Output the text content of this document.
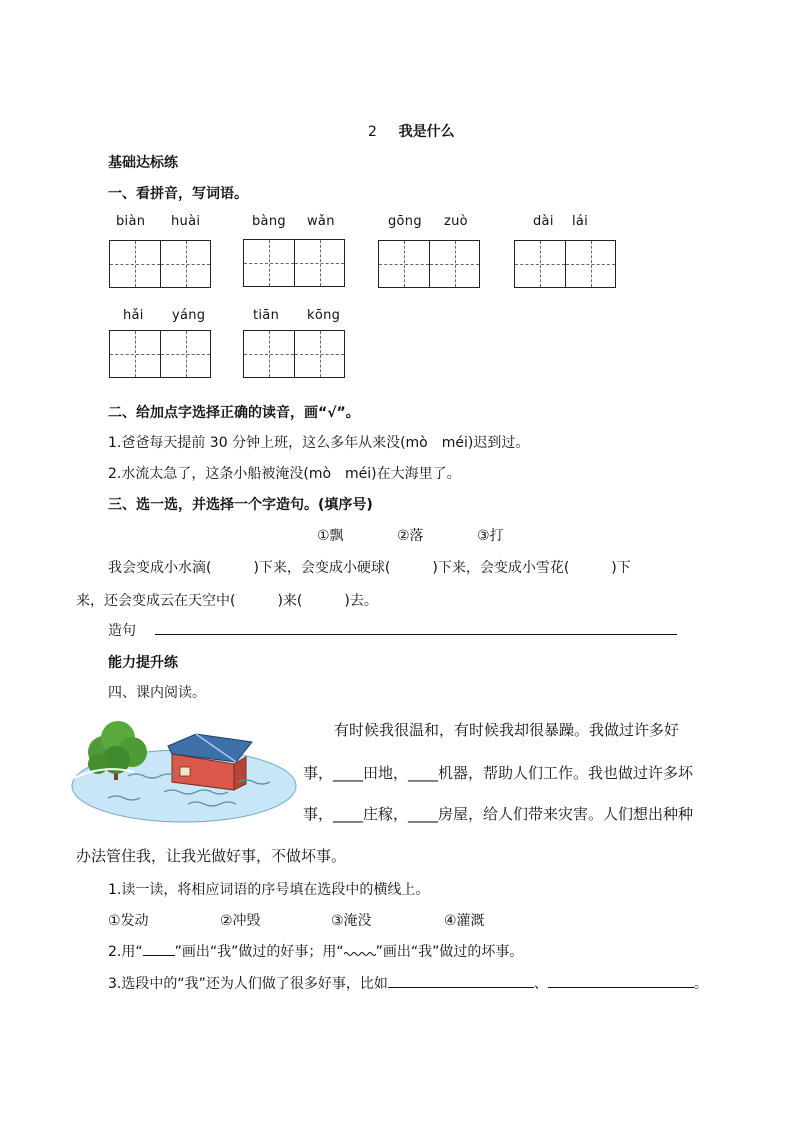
2 我是什么
基础达标练
一、看拼音，写词语。
biàn huài	bàng wǎn	gōng zuò	dài lái
hǎi yáng	tiān kōng
二、给加点字选择正确的读音，画“√”。
1.爸爸每天提前 30 分钟上班，这么多年从来没(mò　méi)迟到过。
2.水流太急了，这条小船被淹没(mò　méi)在大海里了。
三、选一选，并选择一个字造句。(填序号)
①飘	②落	③打
我会变成小水滴(　　　)下来，会变成小硬球(　　　)下来，会变成小雪花(　　　)下
来，还会变成云在天空中(　　　)来(　　　)去。
造句
能力提升练
四、课内阅读。
有时候我很温和，有时候我却很暴躁。我做过许多好
事，____田地，____机器，帮助人们工作。我也做过许多坏
事，____庄稼，____房屋，给人们带来灾害。人们想出种种
办法管住我，让我光做好事，不做坏事。
1.读一读，将相应词语的序号填在选段中的横线上。
①发动	②冲毁	③淹没	④灌溉
2.用“ ”画出“我”做过的好事；用“ ”画出“我”做过的坏事。
3.选段中的“我”还为人们做了很多好事，比如	、	。
